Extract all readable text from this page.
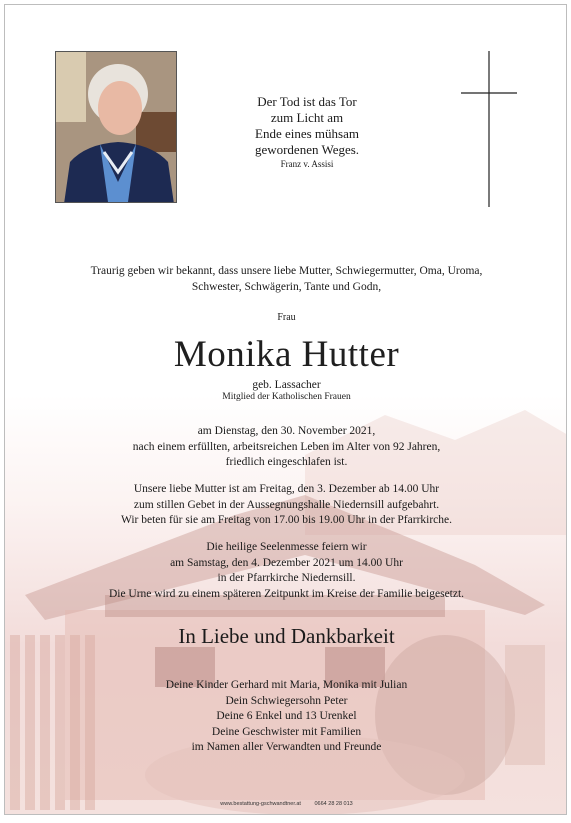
Der Tod ist das Tor
zum Licht am
Ende eines mühsam
gewordenen Weges.
Franz v. Assisi
Traurig geben wir bekannt, dass unsere liebe Mutter, Schwiegermutter, Oma, Uroma,
Schwester, Schwägerin, Tante und Godn,
Frau
Monika Hutter
geb. Lassacher
Mitglied der Katholischen Frauen
am Dienstag, den 30. November 2021,
nach einem erfüllten, arbeitsreichen Leben im Alter von 92 Jahren,
friedlich eingeschlafen ist.
Unsere liebe Mutter ist am Freitag, den 3. Dezember ab 14.00 Uhr
zum stillen Gebet in der Aussegnungshalle Niedernsill aufgebahrt.
Wir beten für sie am Freitag von 17.00 bis 19.00 Uhr in der Pfarrkirche.
Die heilige Seelenmesse feiern wir
am Samstag, den 4. Dezember 2021 um 14.00 Uhr
in der Pfarrkirche Niedernsill.
Die Urne wird zu einem späteren Zeitpunkt im Kreise der Familie beigesetzt.
In Liebe und Dankbarkeit
Deine Kinder Gerhard mit Maria, Monika mit Julian
Dein Schwiegersohn Peter
Deine 6 Enkel und 13 Urenkel
Deine Geschwister mit Familien
im Namen aller Verwandten und Freunde
www.bestattung-gschwandtner.at 0664 28 28 013
